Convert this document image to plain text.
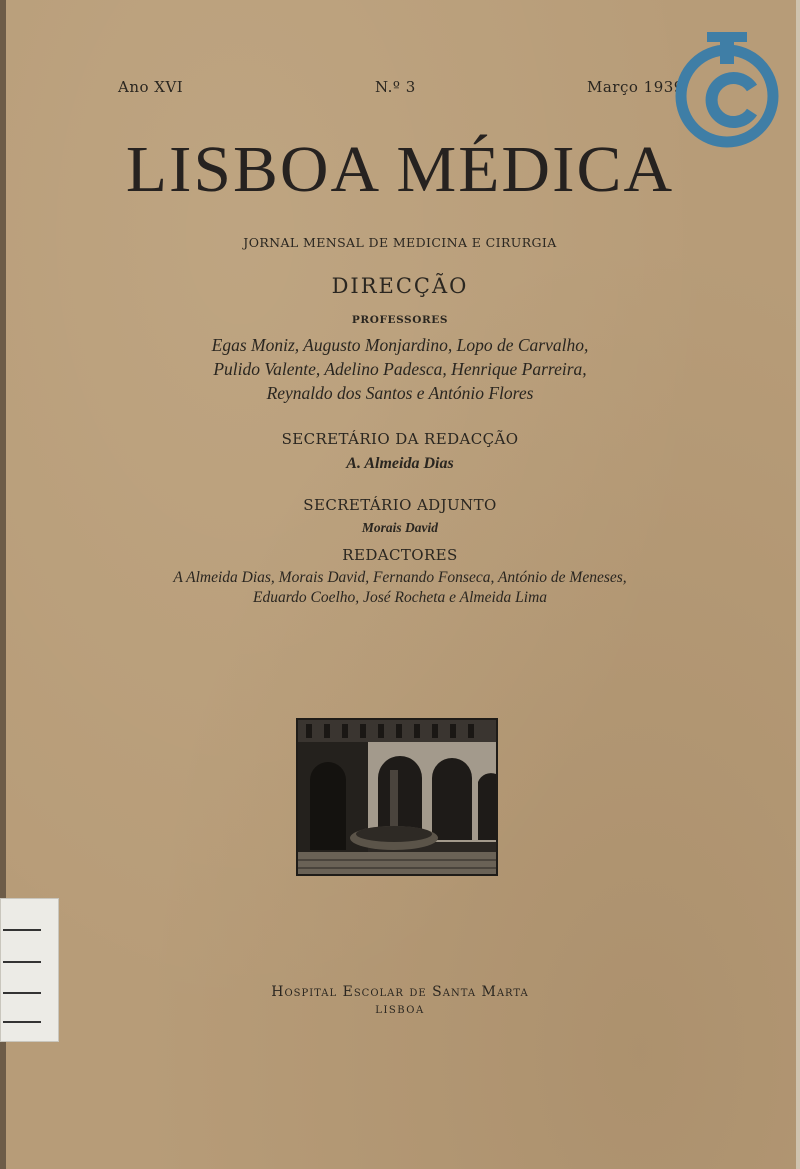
Ano XVI	N.º 3	Março 1939
LISBOA MÉDICA
JORNAL MENSAL DE MEDICINA E CIRURGIA
DIRECÇÃO
PROFESSORES
Egas Moniz, Augusto Monjardino, Lopo de Carvalho,
Pulido Valente, Adelino Padesca, Henrique Parreira,
Reynaldo dos Santos e António Flores
SECRETÁRIO DA REDACÇÃO
A. Almeida Dias
SECRETÁRIO ADJUNTO
Morais David
REDACTORES
A Almeida Dias, Morais David, Fernando Fonseca, António de Meneses,
Eduardo Coelho, José Rocheta e Almeida Lima
Hospital Escolar de Santa Marta
LISBOA
